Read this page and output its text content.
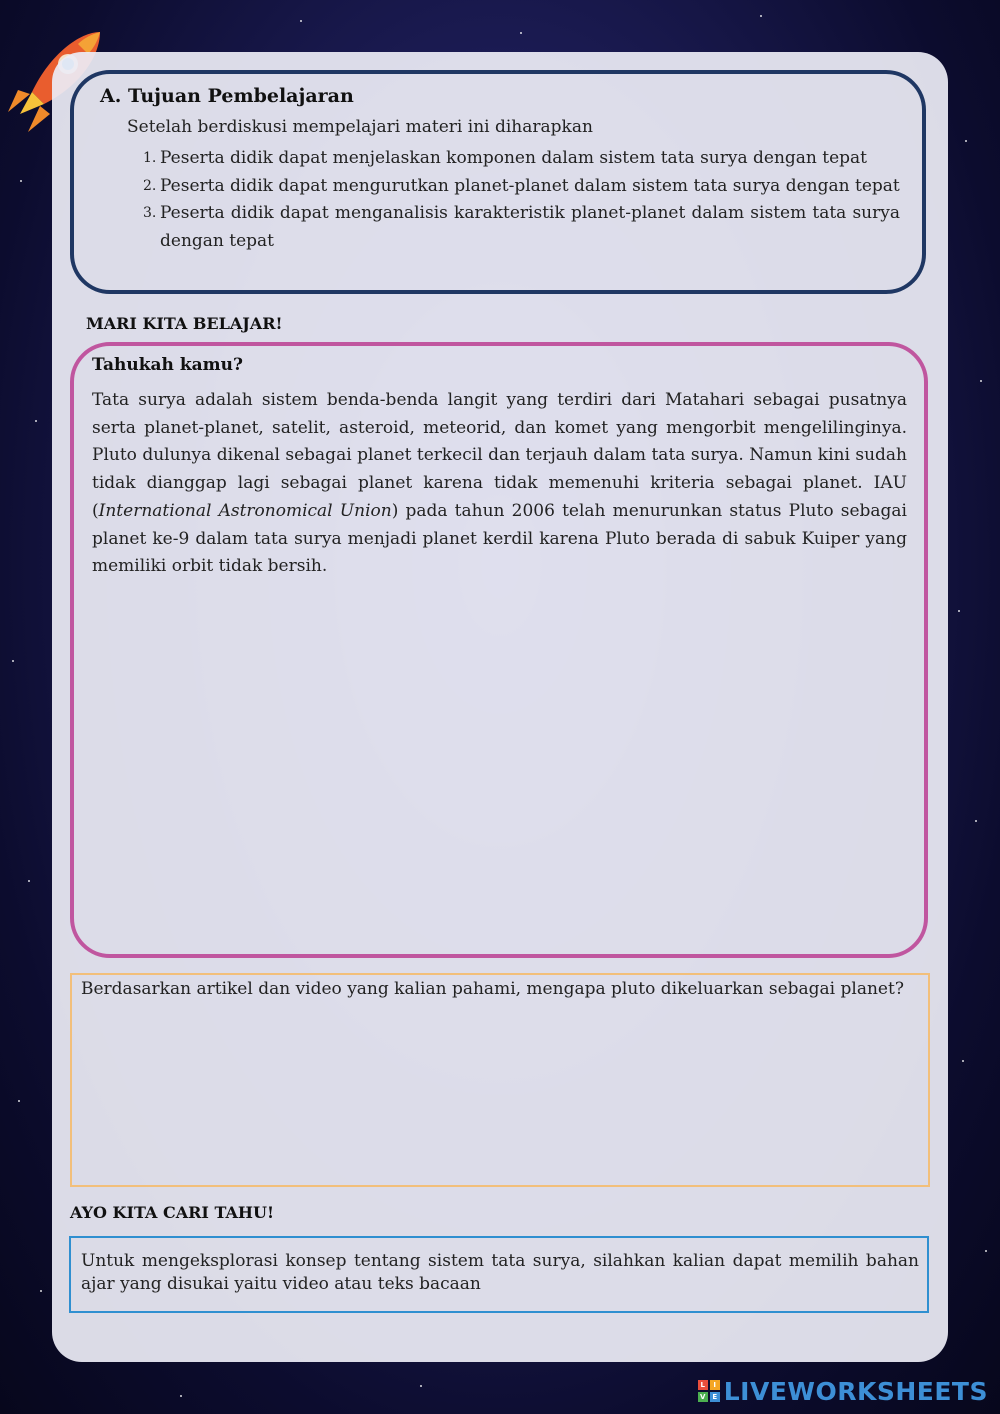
A. Tujuan Pembelajaran
Setelah berdiskusi mempelajari materi ini diharapkan
1. Peserta didik dapat menjelaskan komponen dalam sistem tata surya dengan tepat
2. Peserta didik dapat mengurutkan planet-planet dalam sistem tata surya dengan tepat
3. Peserta didik dapat menganalisis karakteristik planet-planet dalam sistem tata surya dengan tepat
MARI KITA BELAJAR!
Tahukah kamu?

Tata surya adalah sistem benda-benda langit yang terdiri dari Matahari sebagai pusatnya serta planet-planet, satelit, asteroid, meteorid, dan komet yang mengorbit mengelilinginya. Pluto dulunya dikenal sebagai planet terkecil dan terjauh dalam tata surya. Namun kini sudah tidak dianggap lagi sebagai planet karena tidak memenuhi kriteria sebagai planet. IAU (International Astronomical Union) pada tahun 2006 telah menurunkan status Pluto sebagai planet ke-9 dalam tata surya menjadi planet kerdil karena Pluto berada di sabuk Kuiper yang memiliki orbit tidak bersih.

Berdasarkan artikel dan video yang kalian pahami, mengapa pluto dikeluarkan sebagai planet?

AYO KITA CARI TAHU!

Untuk mengeksplorasi konsep tentang sistem tata surya, silahkan kalian dapat memilih bahan ajar yang disukai yaitu video atau teks bacaan

L	I
V E LIVEWORKSHEETS
